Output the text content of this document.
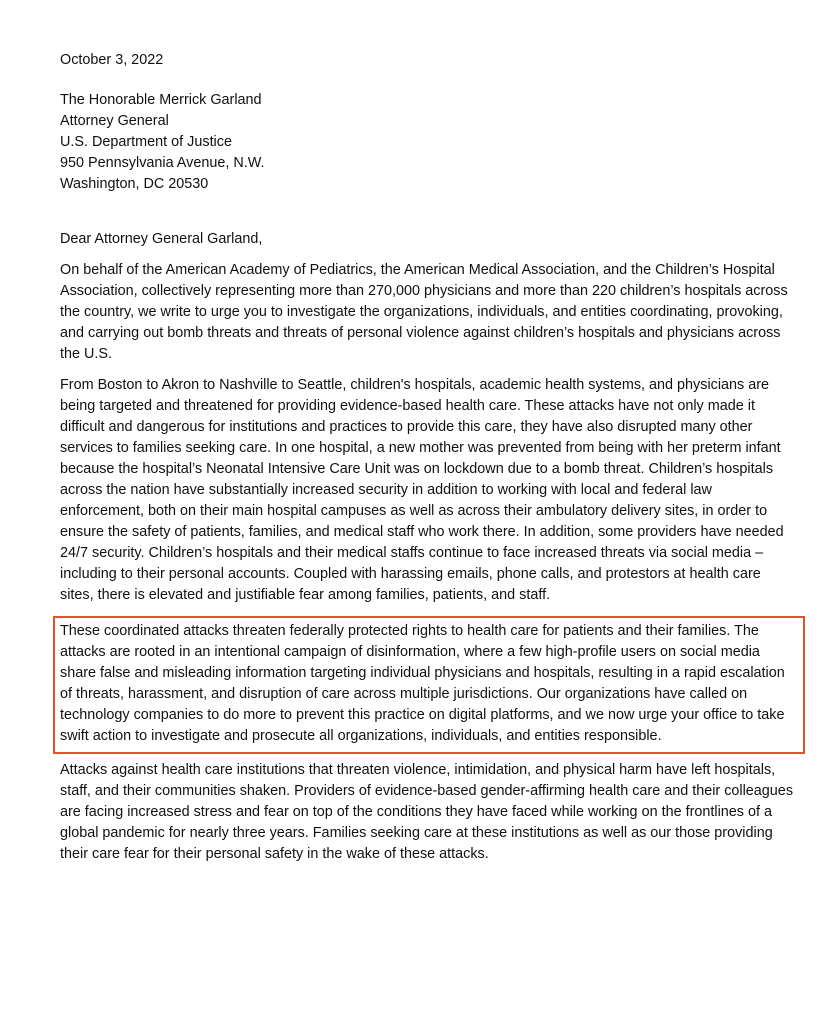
October 3, 2022
The Honorable Merrick Garland
Attorney General
U.S. Department of Justice
950 Pennsylvania Avenue, N.W.
Washington, DC 20530
Dear Attorney General Garland,

On behalf of the American Academy of Pediatrics, the American Medical Association, and the Children’s Hospital Association, collectively representing more than 270,000 physicians and more than 220 children’s hospitals across the country, we write to urge you to investigate the organizations, individuals, and entities coordinating, provoking, and carrying out bomb threats and threats of personal violence against children’s hospitals and physicians across the U.S.

From Boston to Akron to Nashville to Seattle, children's hospitals, academic health systems, and physicians are being targeted and threatened for providing evidence-based health care. These attacks have not only made it difficult and dangerous for institutions and practices to provide this care, they have also disrupted many other services to families seeking care. In one hospital, a new mother was prevented from being with her preterm infant because the hospital’s Neonatal Intensive Care Unit was on lockdown due to a bomb threat. Children’s hospitals across the nation have substantially increased security in addition to working with local and federal law enforcement, both on their main hospital campuses as well as across their ambulatory delivery sites, in order to ensure the safety of patients, families, and medical staff who work there. In addition, some providers have needed 24/7 security. Children’s hospitals and their medical staffs continue to face increased threats via social media – including to their personal accounts. Coupled with harassing emails, phone calls, and protestors at health care sites, there is elevated and justifiable fear among families, patients, and staff.

These coordinated attacks threaten federally protected rights to health care for patients and their families. The attacks are rooted in an intentional campaign of disinformation, where a few high-profile users on social media share false and misleading information targeting individual physicians and hospitals, resulting in a rapid escalation of threats, harassment, and disruption of care across multiple jurisdictions. Our organizations have called on technology companies to do more to prevent this practice on digital platforms, and we now urge your office to take swift action to investigate and prosecute all organizations, individuals, and entities responsible.

Attacks against health care institutions that threaten violence, intimidation, and physical harm have left hospitals, staff, and their communities shaken. Providers of evidence-based gender-affirming health care and their colleagues are facing increased stress and fear on top of the conditions they have faced while working on the frontlines of a global pandemic for nearly three years. Families seeking care at these institutions as well as our those providing their care fear for their personal safety in the wake of these attacks.
